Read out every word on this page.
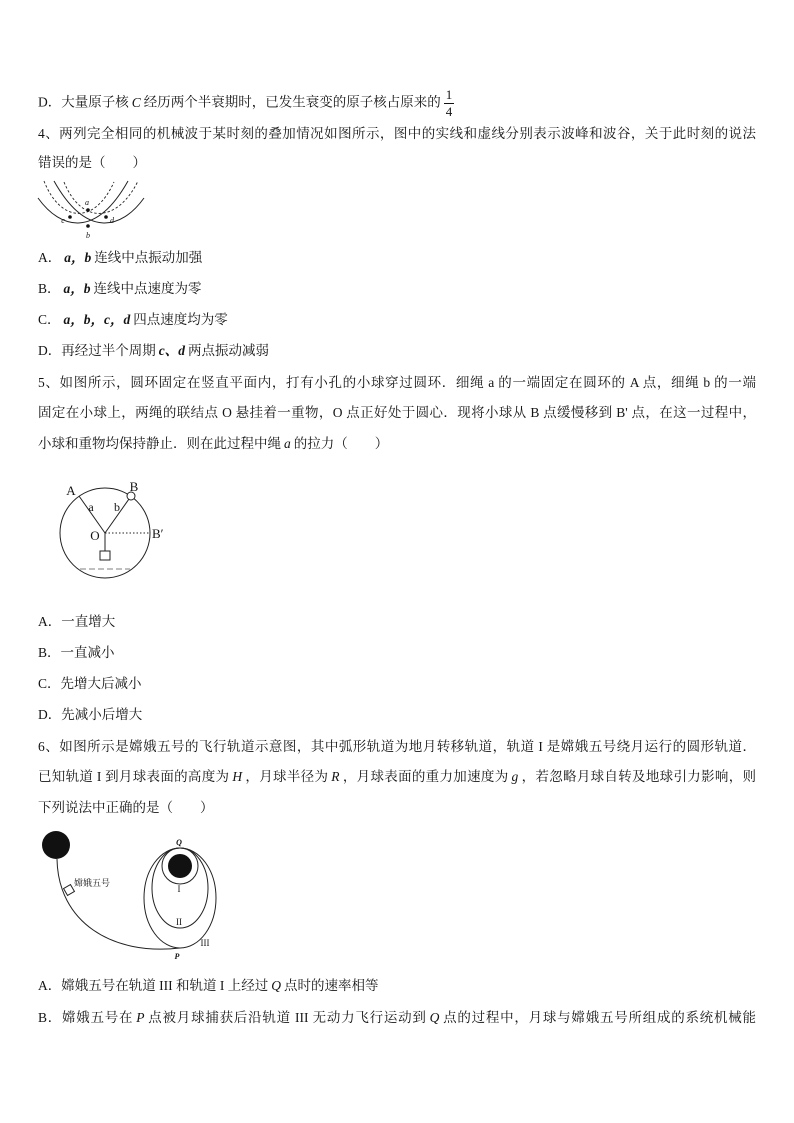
D．大量原子核 C 经历两个半衰期时，已发生衰变的原子核占原来的 $\frac{1}{4}$
4、两列完全相同的机械波于某时刻的叠加情况如图所示，图中的实线和虚线分别表示波峰和波谷，关于此时刻的说法
错误的是（　　）
a
b
c	d
A． a，b 连线中点振动加强
B． a，b 连线中点速度为零
C． a，b，c，d 四点速度均为零
D．再经过半个周期 c、d 两点振动减弱
5、如图所示，圆环固定在竖直平面内，打有小孔的小球穿过圆环．细绳 a 的一端固定在圆环的 A 点，细绳 b 的一端
固定在小球上，两绳的联结点 O 悬挂着一重物，O 点正好处于圆心．现将小球从 B 点缓慢移到 B' 点，在这一过程中，
小球和重物均保持静止．则在此过程中绳 a 的拉力（　　）
A	B
a b
O	B′
A．一直增大
B．一直减小
C．先增大后减小
D．先减小后增大
6、如图所示是嫦娥五号的飞行轨道示意图，其中弧形轨道为地月转移轨道，轨道 I 是嫦娥五号绕月运行的圆形轨道．
已知轨道 I 到月球表面的高度为 H ，月球半径为 R ，月球表面的重力加速度为 g ，若忽略月球自转及地球引力影响，则
下列说法中正确的是（　　）
嫦娥五号
Q
I
II
III
P
A．嫦娥五号在轨道 III 和轨道 I 上经过 Q 点时的速率相等
B．嫦娥五号在 P 点被月球捕获后沿轨道 III 无动力飞行运动到 Q 点的过程中，月球与嫦娥五号所组成的系统机械能
